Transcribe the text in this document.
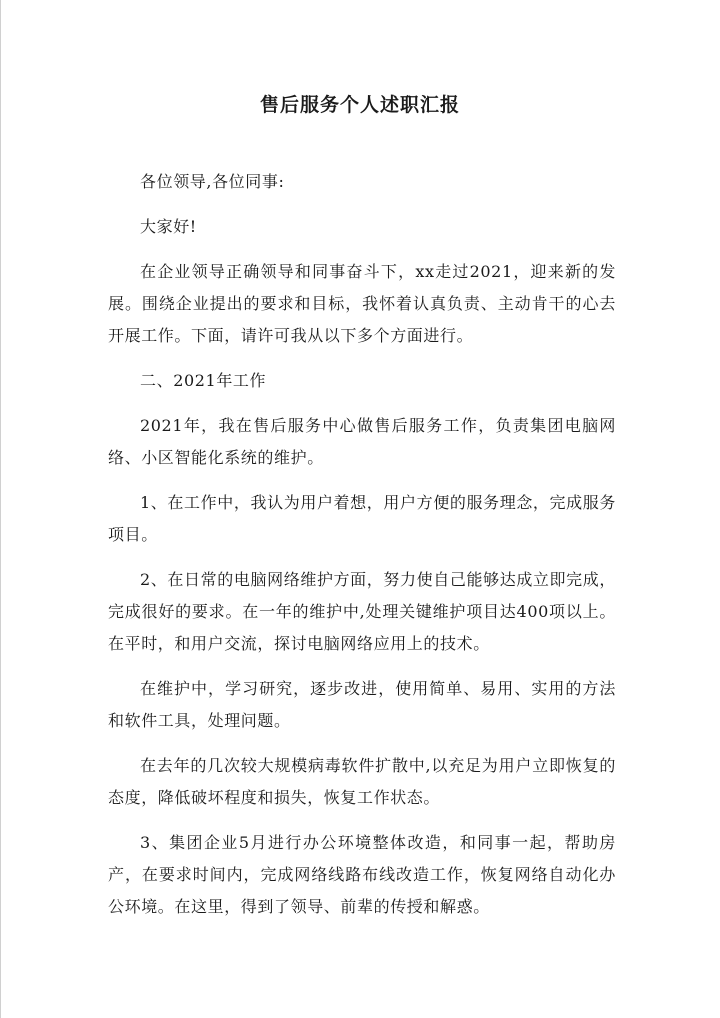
售后服务个人述职汇报

各位领导,各位同事:

大家好!

在企业领导正确领导和同事奋斗下，xx走过2021，迎来新的发展。围绕企业提出的要求和目标，我怀着认真负责、主动肯干的心去开展工作。下面，请许可我从以下多个方面进行。

二、2021年工作

2021年，我在售后服务中心做售后服务工作，负责集团电脑网络、小区智能化系统的维护。

1、在工作中，我认为用户着想，用户方便的服务理念，完成服务项目。

2、在日常的电脑网络维护方面，努力使自己能够达成立即完成，完成很好的要求。在一年的维护中,处理关键维护项目达400项以上。在平时，和用户交流，探讨电脑网络应用上的技术。

在维护中，学习研究，逐步改进，使用简单、易用、实用的方法和软件工具，处理问题。

在去年的几次较大规模病毒软件扩散中,以充足为用户立即恢复的态度，降低破坏程度和损失，恢复工作状态。

3、集团企业5月进行办公环境整体改造，和同事一起，帮助房产，在要求时间内，完成网络线路布线改造工作，恢复网络自动化办公环境。在这里，得到了领导、前辈的传授和解惑。
